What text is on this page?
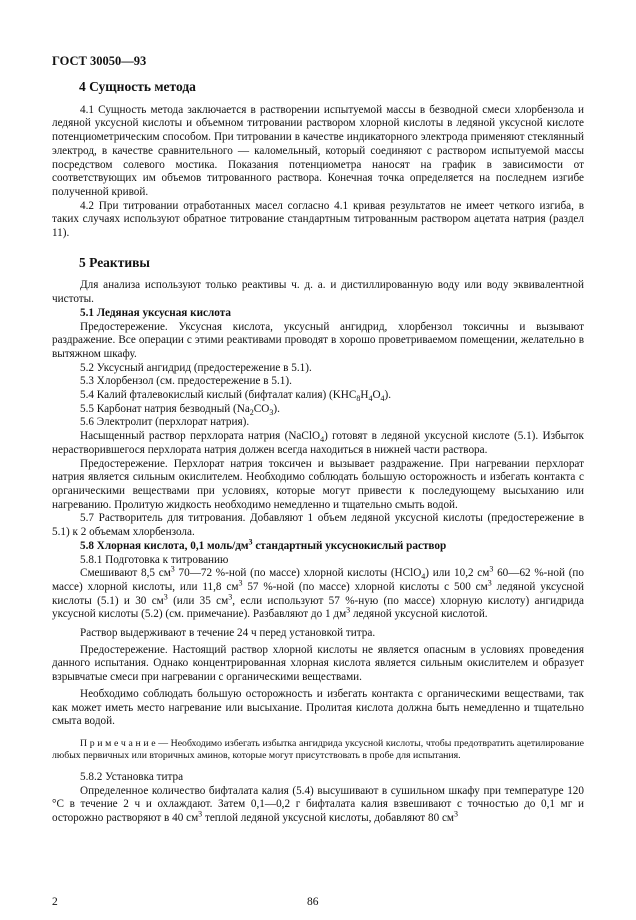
ГОСТ 30050—93
4 Сущность метода

4.1 Сущность метода заключается в растворении испытуемой массы в безводной смеси хлорбензола и ледяной уксусной кислоты и объемном титровании раствором хлорной кислоты в ледяной уксусной кислоте потенциометрическим способом. При титровании в качестве индикаторного электрода применяют стеклянный электрод, в качестве сравнительного — каломельный, который соединяют с раствором испытуемой массы посредством солевого мостика. Показания потенциометра наносят на график в зависимости от соответствующих им объемов титрованного раствора. Конечная точка определяется на последнем изгибе полученной кривой.

4.2 При титровании отработанных масел согласно 4.1 кривая результатов не имеет четкого изгиба, в таких случаях используют обратное титрование стандартным титрованным раствором ацетата натрия (раздел 11).

5 Реактивы

Для анализа используют только реактивы ч. д. а. и дистиллированную воду или воду эквивалентной чистоты.

5.1 Ледяная уксусная кислота

Предостережение. Уксусная кислота, уксусный ангидрид, хлорбензол токсичны и вызывают раздражение. Все операции с этими реактивами проводят в хорошо проветриваемом помещении, желательно в вытяжном шкафу.

5.2 Уксусный ангидрид (предостережение в 5.1).

5.3 Хлорбензол (см. предостережение в 5.1).

5.4 Калий фталевокислый кислый (бифталат калия) $(KHC_8H_4O_4)$.

5.5 Карбонат натрия безводный $(Na_2CO_3)$.

5.6 Электролит (перхлорат натрия).

Насыщенный раствор перхлората натрия (NaClO$_4$) готовят в ледяной уксусной кислоте (5.1). Избыток нерастворившегося перхлората натрия должен всегда находиться в нижней части раствора.

Предостережение. Перхлорат натрия токсичен и вызывает раздражение. При нагревании перхлорат натрия является сильным окислителем. Необходимо соблюдать большую осторожность и избегать контакта с органическими веществами при условиях, которые могут привести к последующему высыханию или нагреванию. Пролитую жидкость необходимо немедленно и тщательно смыть водой.

5.7 Растворитель для титрования. Добавляют 1 объем ледяной уксусной кислоты (предостережение в 5.1) к 2 объемам хлорбензола.

5.8 Хлорная кислота, 0,1 моль/$дм^3$ стандартный уксуснокислый раствор

5.8.1 Подготовка к титрованию

Смешивают 8,5 $см^3$ 70—72 %-ной (по массе) хлорной кислоты (HClO$_4$) или 10,2 $см^3$ 60—62 %-ной (по массе) хлорной кислоты, или 11,8 $см^3$ 57 %-ной (по массе) хлорной кислоты с 500 $см^3$ ледяной уксусной кислоты (5.1) и 30 $см^3$ (или 35 $см^3$, если используют 57 %-ную (по массе) хлорную кислоту) ангидрида уксусной кислоты (5.2) (см. примечание). Разбавляют до 1 $дм^3$ ледяной уксусной кислотой.

Раствор выдерживают в течение 24 ч перед установкой титра.

Предостережение. Настоящий раствор хлорной кислоты не является опасным в условиях проведения данного испытания. Однако концентрированная хлорная кислота является сильным окислителем и образует взрывчатые смеси при нагревании с органическими веществами.

Необходимо соблюдать большую осторожность и избегать контакта с органическими веществами, так как может иметь место нагревание или высыхание. Пролитая кислота должна быть немедленно и тщательно смыта водой.

П р и м е ч а н и е — Необходимо избегать избытка ангидрида уксусной кислоты, чтобы предотвратить ацетилирование любых первичных или вторичных аминов, которые могут присутствовать в пробе для испытания.

5.8.2 Установка титра

Определенное количество бифталата калия (5.4) высушивают в сушильном шкафу при температуре 120 °С в течение 2 ч и охлаждают. Затем 0,1—0,2 г бифталата калия взвешивают с точностью до 0,1 мг и осторожно растворяют в 40 $см^3$ теплой ледяной уксусной кислоты, добавляют 80 $см^3$

2	86
